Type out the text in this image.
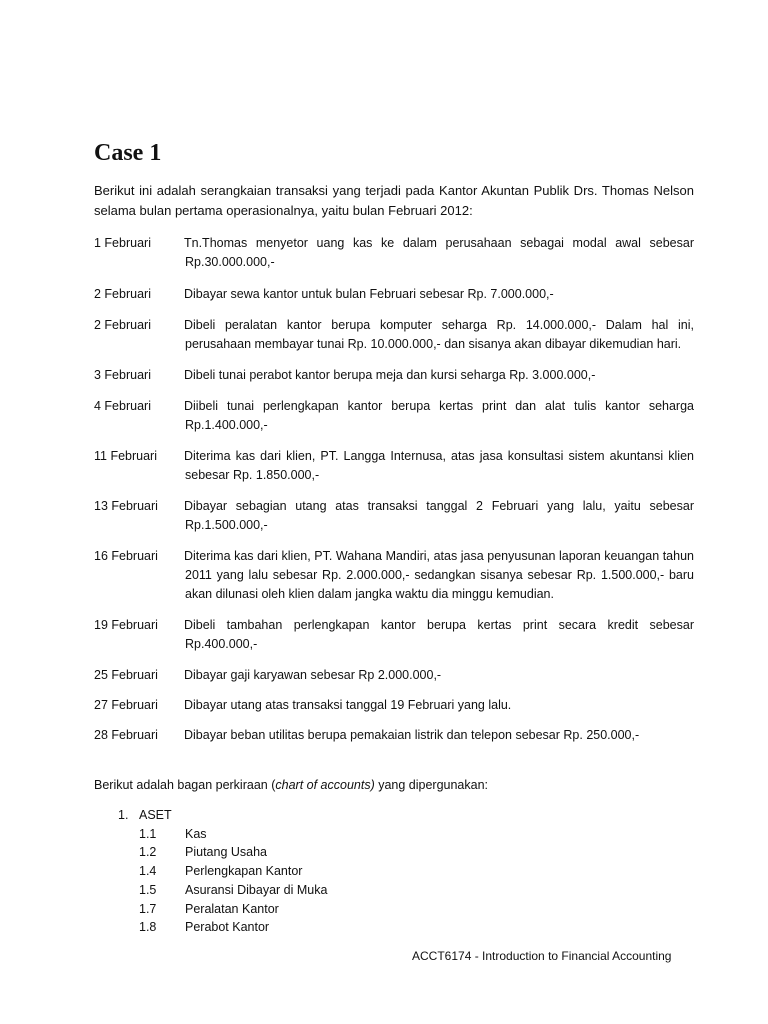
Case 1

Berikut ini adalah serangkaian transaksi yang terjadi pada Kantor Akuntan Publik Drs. Thomas Nelson selama bulan pertama operasionalnya, yaitu bulan Februari 2012:

1 Februari	Tn.Thomas menyetor uang kas ke dalam perusahaan sebagai modal awal sebesar Rp.30.000.000,-
2 Februari	Dibayar sewa kantor untuk bulan Februari sebesar Rp. 7.000.000,-
2 Februari	Dibeli peralatan kantor berupa komputer seharga Rp. 14.000.000,- Dalam hal ini, perusahaan membayar tunai Rp. 10.000.000,- dan sisanya akan dibayar dikemudian hari.
3 Februari	Dibeli tunai perabot kantor berupa meja dan kursi seharga Rp. 3.000.000,-
4 Februari	Diibeli tunai perlengkapan kantor berupa kertas print dan alat tulis kantor seharga Rp.1.400.000,-
11 Februari	Diterima kas dari klien, PT. Langga Internusa, atas jasa konsultasi sistem akuntansi klien sebesar Rp. 1.850.000,-
13 Februari	Dibayar sebagian utang atas transaksi tanggal 2 Februari yang lalu, yaitu sebesar Rp.1.500.000,-
16 Februari	Diterima kas dari klien, PT. Wahana Mandiri, atas jasa penyusunan laporan keuangan tahun 2011 yang lalu sebesar Rp. 2.000.000,- sedangkan sisanya sebesar Rp. 1.500.000,- baru akan dilunasi oleh klien dalam jangka waktu dia minggu kemudian.
19 Februari	Dibeli tambahan perlengkapan kantor berupa kertas print secara kredit sebesar Rp.400.000,-
25 Februari	Dibayar gaji karyawan sebesar Rp 2.000.000,-
27 Februari	Dibayar utang atas transaksi tanggal 19 Februari yang lalu.
28 Februari	Dibayar beban utilitas berupa pemakaian listrik dan telepon sebesar Rp. 250.000,-

Berikut adalah bagan perkiraan (chart of accounts) yang dipergunakan:

1. ASET
1.1	Kas
1.2	Piutang Usaha
1.4	Perlengkapan Kantor
1.5	Asuransi Dibayar di Muka
1.7	Peralatan Kantor
1.8	Perabot Kantor
ACCT6174 - Introduction to Financial Accounting
